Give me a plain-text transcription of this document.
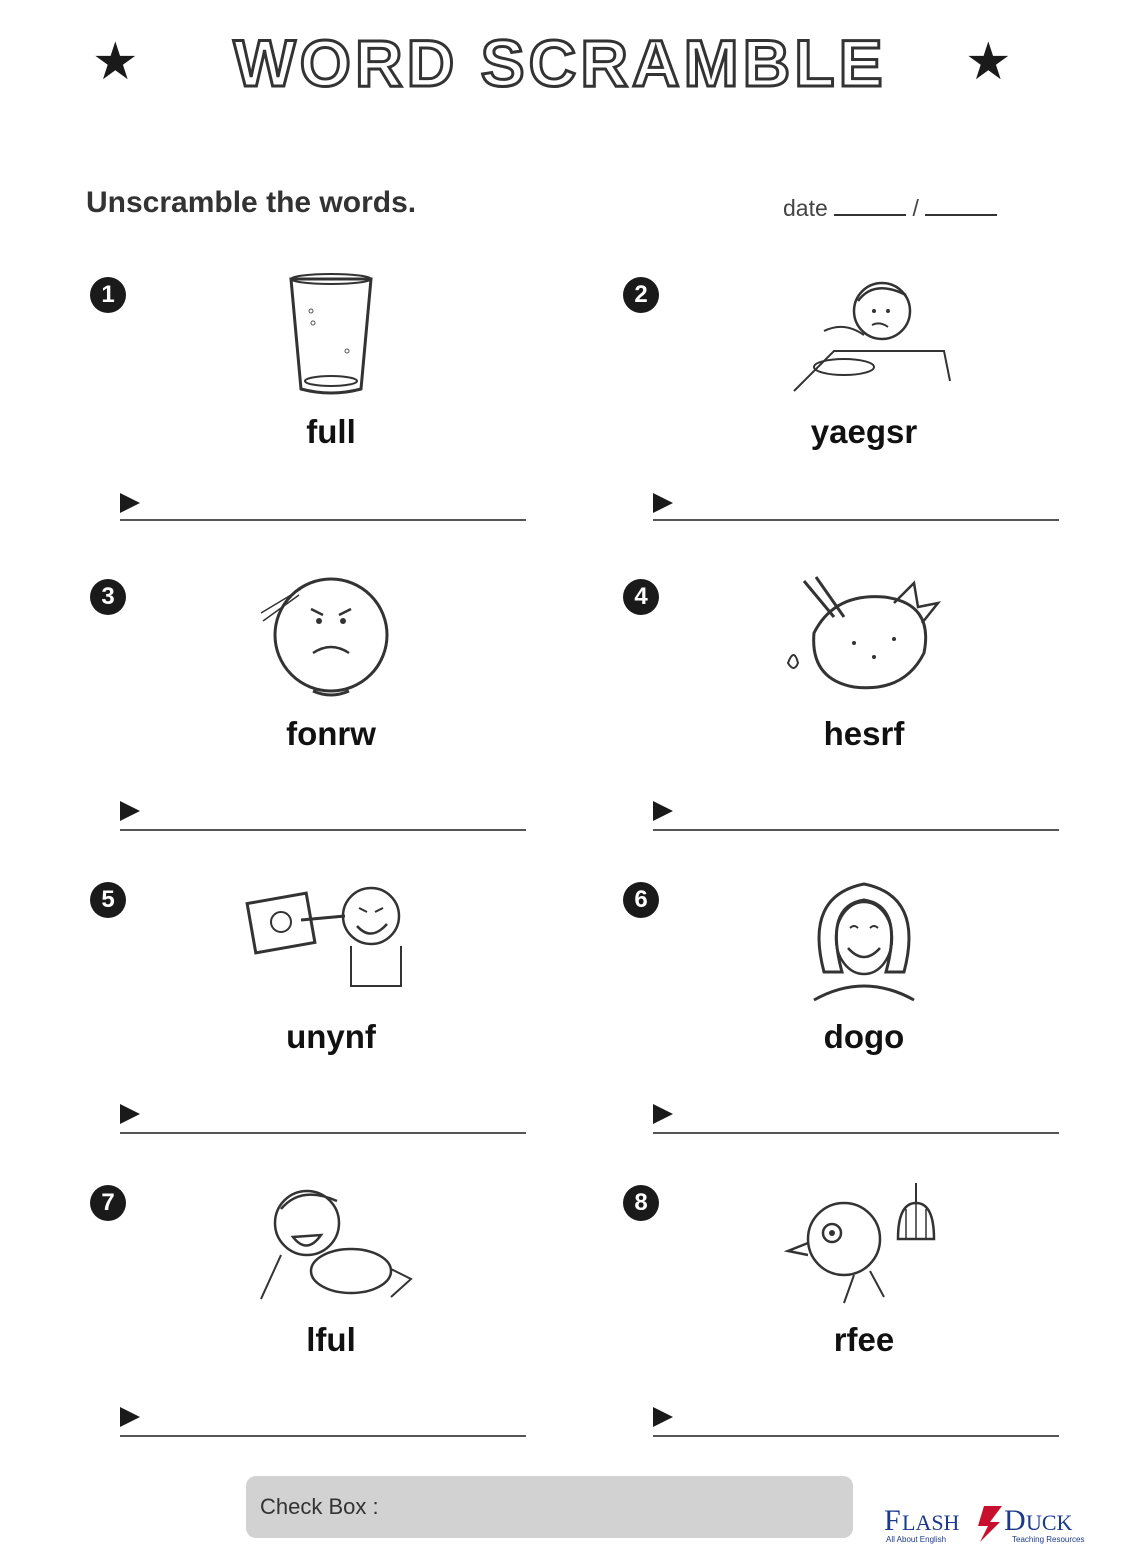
★ WORD SCRAMBLE ★
Unscramble the words.	date	/
1
full
2
yaegsr
3
fonrw
4
hesrf
5
unynf
6
dogo
7
lful
8
rfee
Check Box :	F LASH D UCK
All About English	Teaching Resources
